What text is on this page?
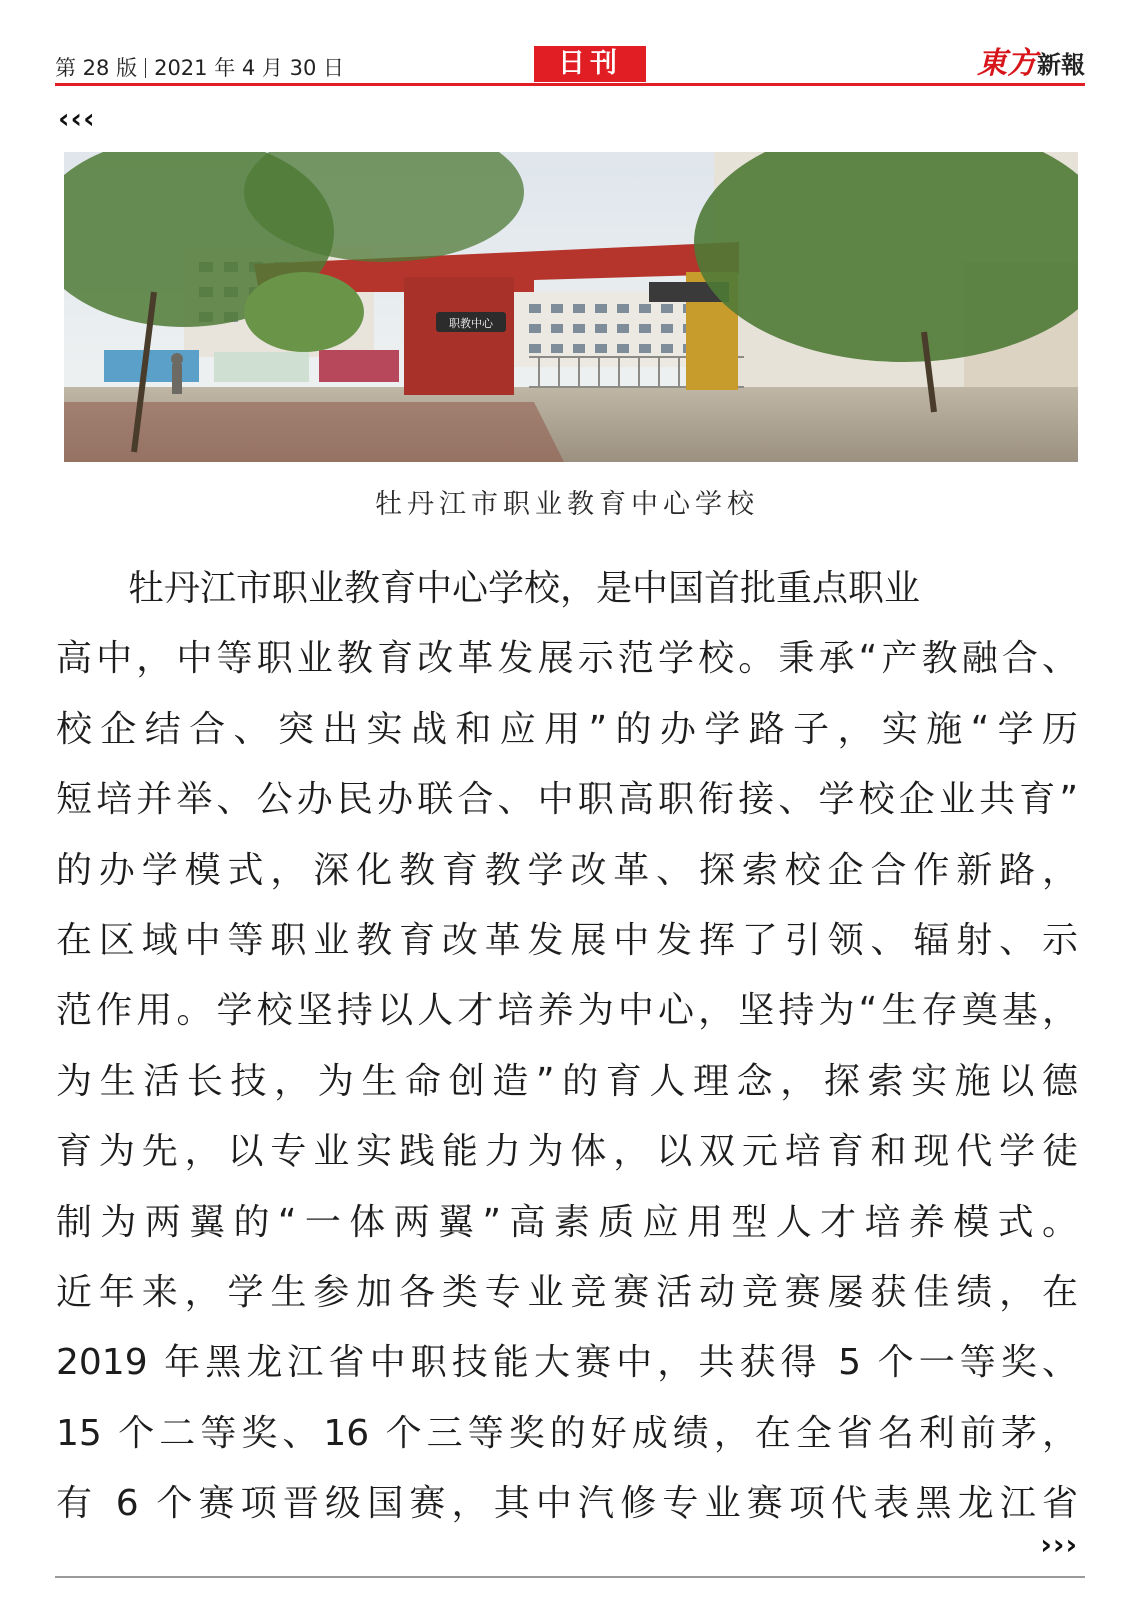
第 28 版 2021 年 4 月 30 日	日刊	東方新報
‹‹‹
职教中心
牡丹江市职业教育中心学校
牡丹江市职业教育中心学校，是中国首批重点职业
高中，中等职业教育改革发展示范学校。秉承“产教融合、
校企结合、突出实战和应用”的办学路子，实施“学历
短培并举、公办民办联合、中职高职衔接、学校企业共育”
的办学模式，深化教育教学改革、探索校企合作新路，
在区域中等职业教育改革发展中发挥了引领、辐射、示
范作用。学校坚持以人才培养为中心，坚持为“生存奠基，
为生活长技，为生命创造”的育人理念，探索实施以德
育为先，以专业实践能力为体，以双元培育和现代学徒
制为两翼的“一体两翼”高素质应用型人才培养模式。
近年来，学生参加各类专业竞赛活动竞赛屡获佳绩，在
2019 年黑龙江省中职技能大赛中，共获得 5 个一等奖、
15 个二等奖、16 个三等奖的好成绩，在全省名利前茅，
有 6 个赛项晋级国赛，其中汽修专业赛项代表黑龙江省
›››
